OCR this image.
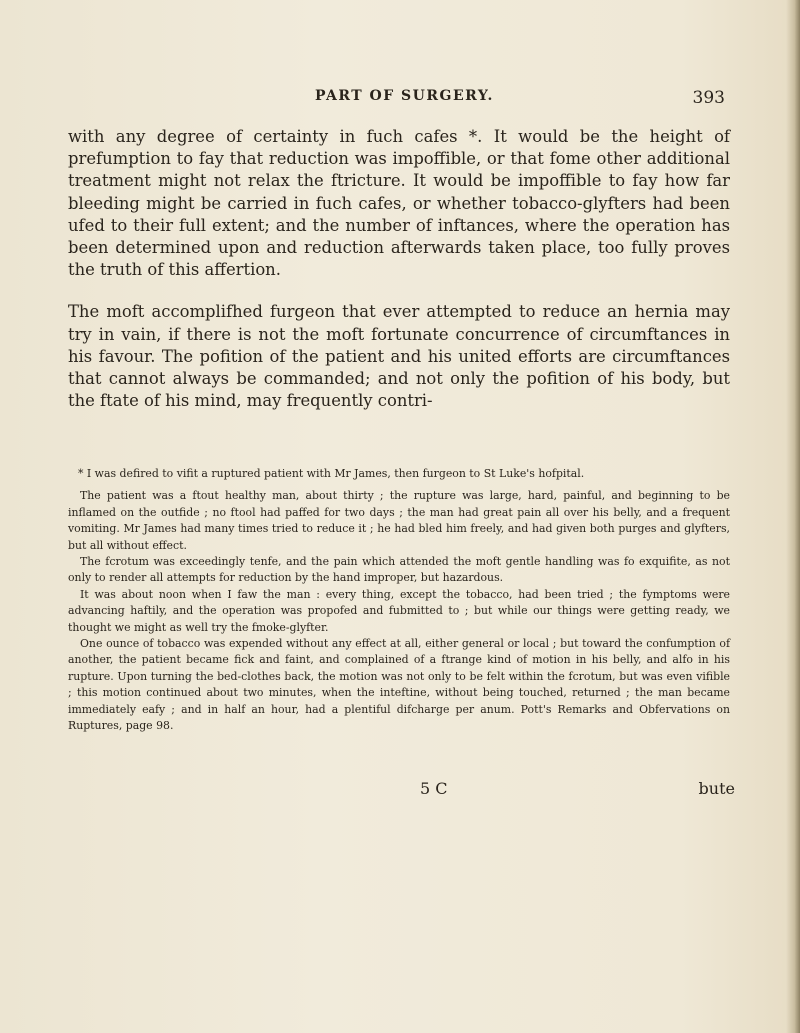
PART OF SURGERY.	393

with any degree of certainty in fuch cafes *. It would be the height of prefumption to fay that reduction was impoffible, or that fome other additional treatment might not relax the ftricture. It would be impoffible to fay how far bleeding might be carried in fuch cafes, or whether tobacco-glyfters had been ufed to their full extent; and the number of inftances, where the operation has been determined upon and reduction afterwards taken place, too fully proves the truth of this affertion.

The moft accomplifhed furgeon that ever attempted to reduce an hernia may try in vain, if there is not the moft fortunate concurrence of circumftances in his favour. The pofition of the patient and his united efforts are circumftances that cannot always be commanded; and not only the pofition of his body, but the ftate of his mind, may frequently contri-

* I was defired to vifit a ruptured patient with Mr James, then furgeon to St Luke's hofpital.

The patient was a ftout healthy man, about thirty ; the rupture was large, hard, painful, and beginning to be inflamed on the outfide ; no ftool had paffed for two days ; the man had great pain all over his belly, and a frequent vomiting. Mr James had many times tried to reduce it ; he had bled him freely, and had given both purges and glyfters, but all without effect.

The fcrotum was exceedingly tenfe, and the pain which attended the moft gentle handling was fo exquifite, as not only to render all attempts for reduction by the hand improper, but hazardous.

It was about noon when I faw the man : every thing, except the tobacco, had been tried ; the fymptoms were advancing haftily, and the operation was propofed and fubmitted to ; but while our things were getting ready, we thought we might as well try the fmoke-glyfter.

One ounce of tobacco was expended without any effect at all, either general or local ; but toward the confumption of another, the patient became fick and faint, and complained of a ftrange kind of motion in his belly, and alfo in his rupture. Upon turning the bed-clothes back, the motion was not only to be felt within the fcrotum, but was even vifible ; this motion continued about two minutes, when the inteftine, without being touched, returned ; the man became immediately eafy ; and in half an hour, had a plentiful difcharge per anum. Pott's Remarks and Obfervations on Ruptures, page 98.

5 C	bute
